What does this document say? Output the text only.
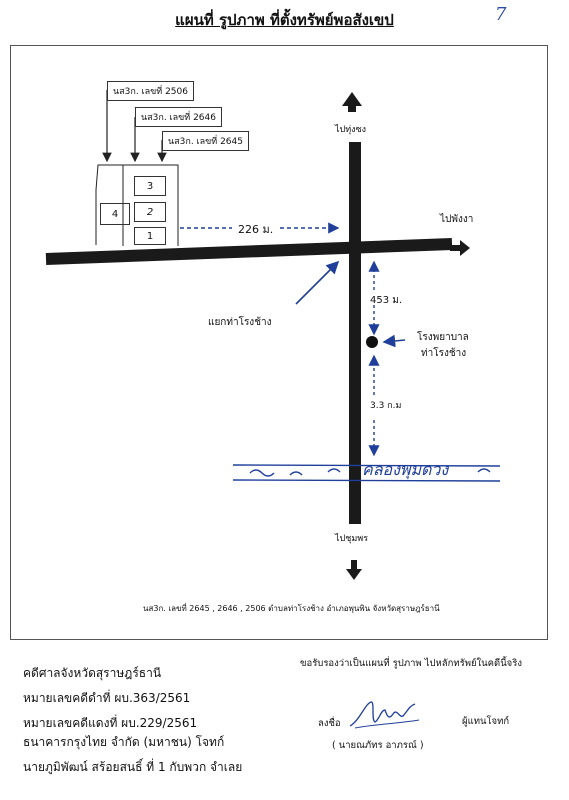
แผนที่ รูปภาพ ที่ตั้งทรัพย์พอสังเขป	7
นส3ก. เลขที่ 2506
นส3ก. เลขที่ 2646
นส3ก. เลขที่ 2645
4
3
2
1
ไปทุ่งซง
ไปพังงา
ไปชุมพร
226 ม.
453 ม.
3.3 ก.ม
แยกท่าโรงช้าง
โรงพยาบาล
ท่าโรงช้าง
คลองพุมดวง
นส3ก. เลขที่ 2645 , 2646 , 2506 ตำบลท่าโรงช้าง อำเภอพุนพิน จังหวัดสุราษฎร์ธานี
คดีศาลจังหวัดสุราษฎร์ธานี
หมายเลขคดีดำที่ ผบ.363/2561
หมายเลขคดีแดงที่ ผบ.229/2561
ธนาคารกรุงไทย จำกัด (มหาชน) โจทก์
นายภูมิพัฒน์ สร้อยสนธิ์ ที่ 1 กับพวก จำเลย
ขอรับรองว่าเป็นแผนที่ รูปภาพ ไปหลักทรัพย์ในคดีนี้จริง
ลงชื่อ	ผู้แทนโจทก์
( นายณภัทร อาภรณ์ )
